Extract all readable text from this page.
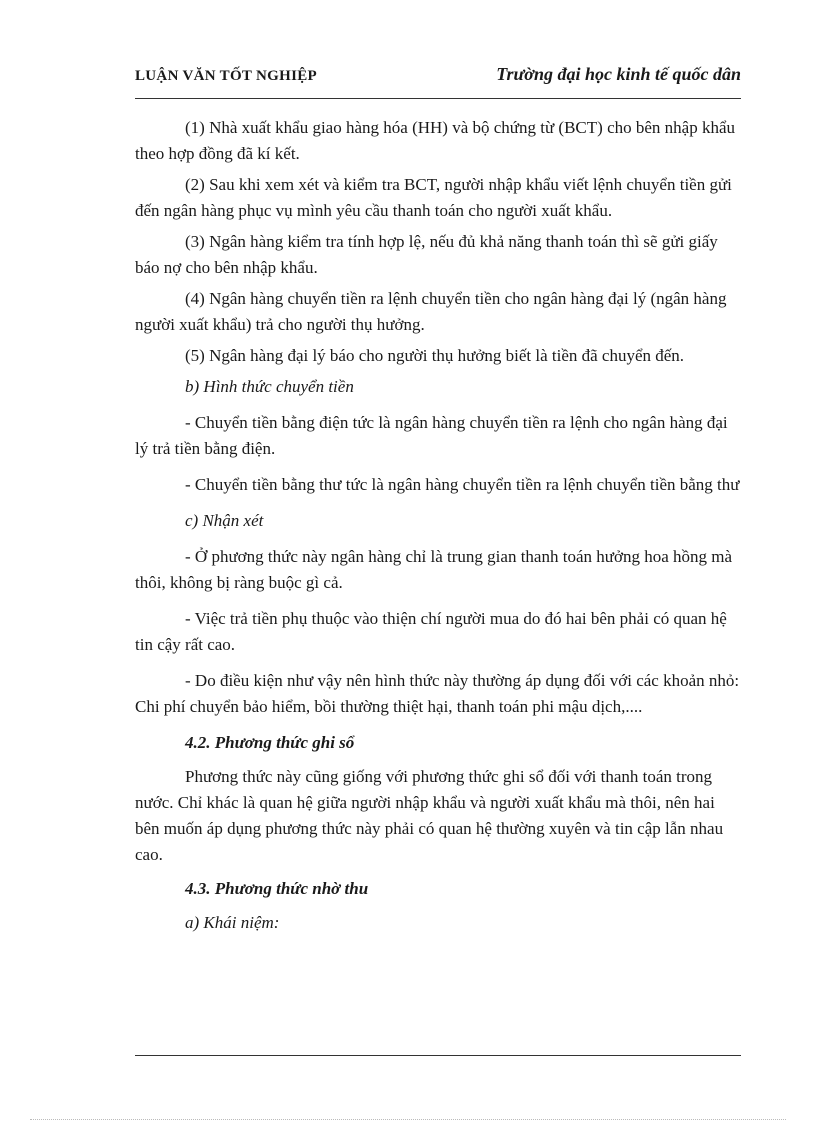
LUẬN VĂN TỐT NGHIỆP	Trường đại học kinh tế quốc dân

(1) Nhà xuất khẩu giao hàng hóa (HH) và bộ chứng từ (BCT) cho bên nhập khẩu theo hợp đồng đã kí kết.

(2) Sau khi xem xét và kiểm tra BCT, người nhập khẩu viết lệnh chuyển tiền gửi đến ngân hàng phục vụ mình yêu cầu thanh toán cho người xuất khẩu.

(3) Ngân hàng kiểm tra tính hợp lệ, nếu đủ khả năng thanh toán thì sẽ gửi giấy báo nợ cho bên nhập khẩu.

(4) Ngân hàng chuyển tiền ra lệnh chuyển tiền cho ngân hàng đại lý (ngân hàng người xuất khẩu) trả cho người thụ hưởng.

(5) Ngân hàng đại lý báo cho người thụ hưởng biết là tiền đã chuyển đến.

b) Hình thức chuyển tiền

- Chuyển tiền bằng điện tức là ngân hàng chuyển tiền ra lệnh cho ngân hàng đại lý trả tiền bằng điện.

- Chuyển tiền bằng thư tức là ngân hàng chuyển tiền ra lệnh chuyển tiền bằng thư

c) Nhận xét

- Ở phương thức này ngân hàng chỉ là trung gian thanh toán hưởng hoa hồng mà thôi, không bị ràng buộc gì cả.

- Việc trả tiền phụ thuộc vào thiện chí người mua do đó hai bên phải có quan hệ tin cậy rất cao.

- Do điều kiện như vậy nên hình thức này thường áp dụng đối với các khoản nhỏ: Chi phí chuyển bảo hiểm, bồi thường thiệt hại, thanh toán phi mậu dịch,....

4.2. Phương thức ghi sổ

Phương thức này cũng giống với phương thức ghi sổ đối với thanh toán trong nước. Chỉ khác là quan hệ giữa người nhập khẩu và người xuất khẩu mà thôi, nên hai bên muốn áp dụng phương thức này phải có quan hệ thường xuyên và tin cập lẫn nhau cao.

4.3. Phương thức nhờ thu

a) Khái niệm:
